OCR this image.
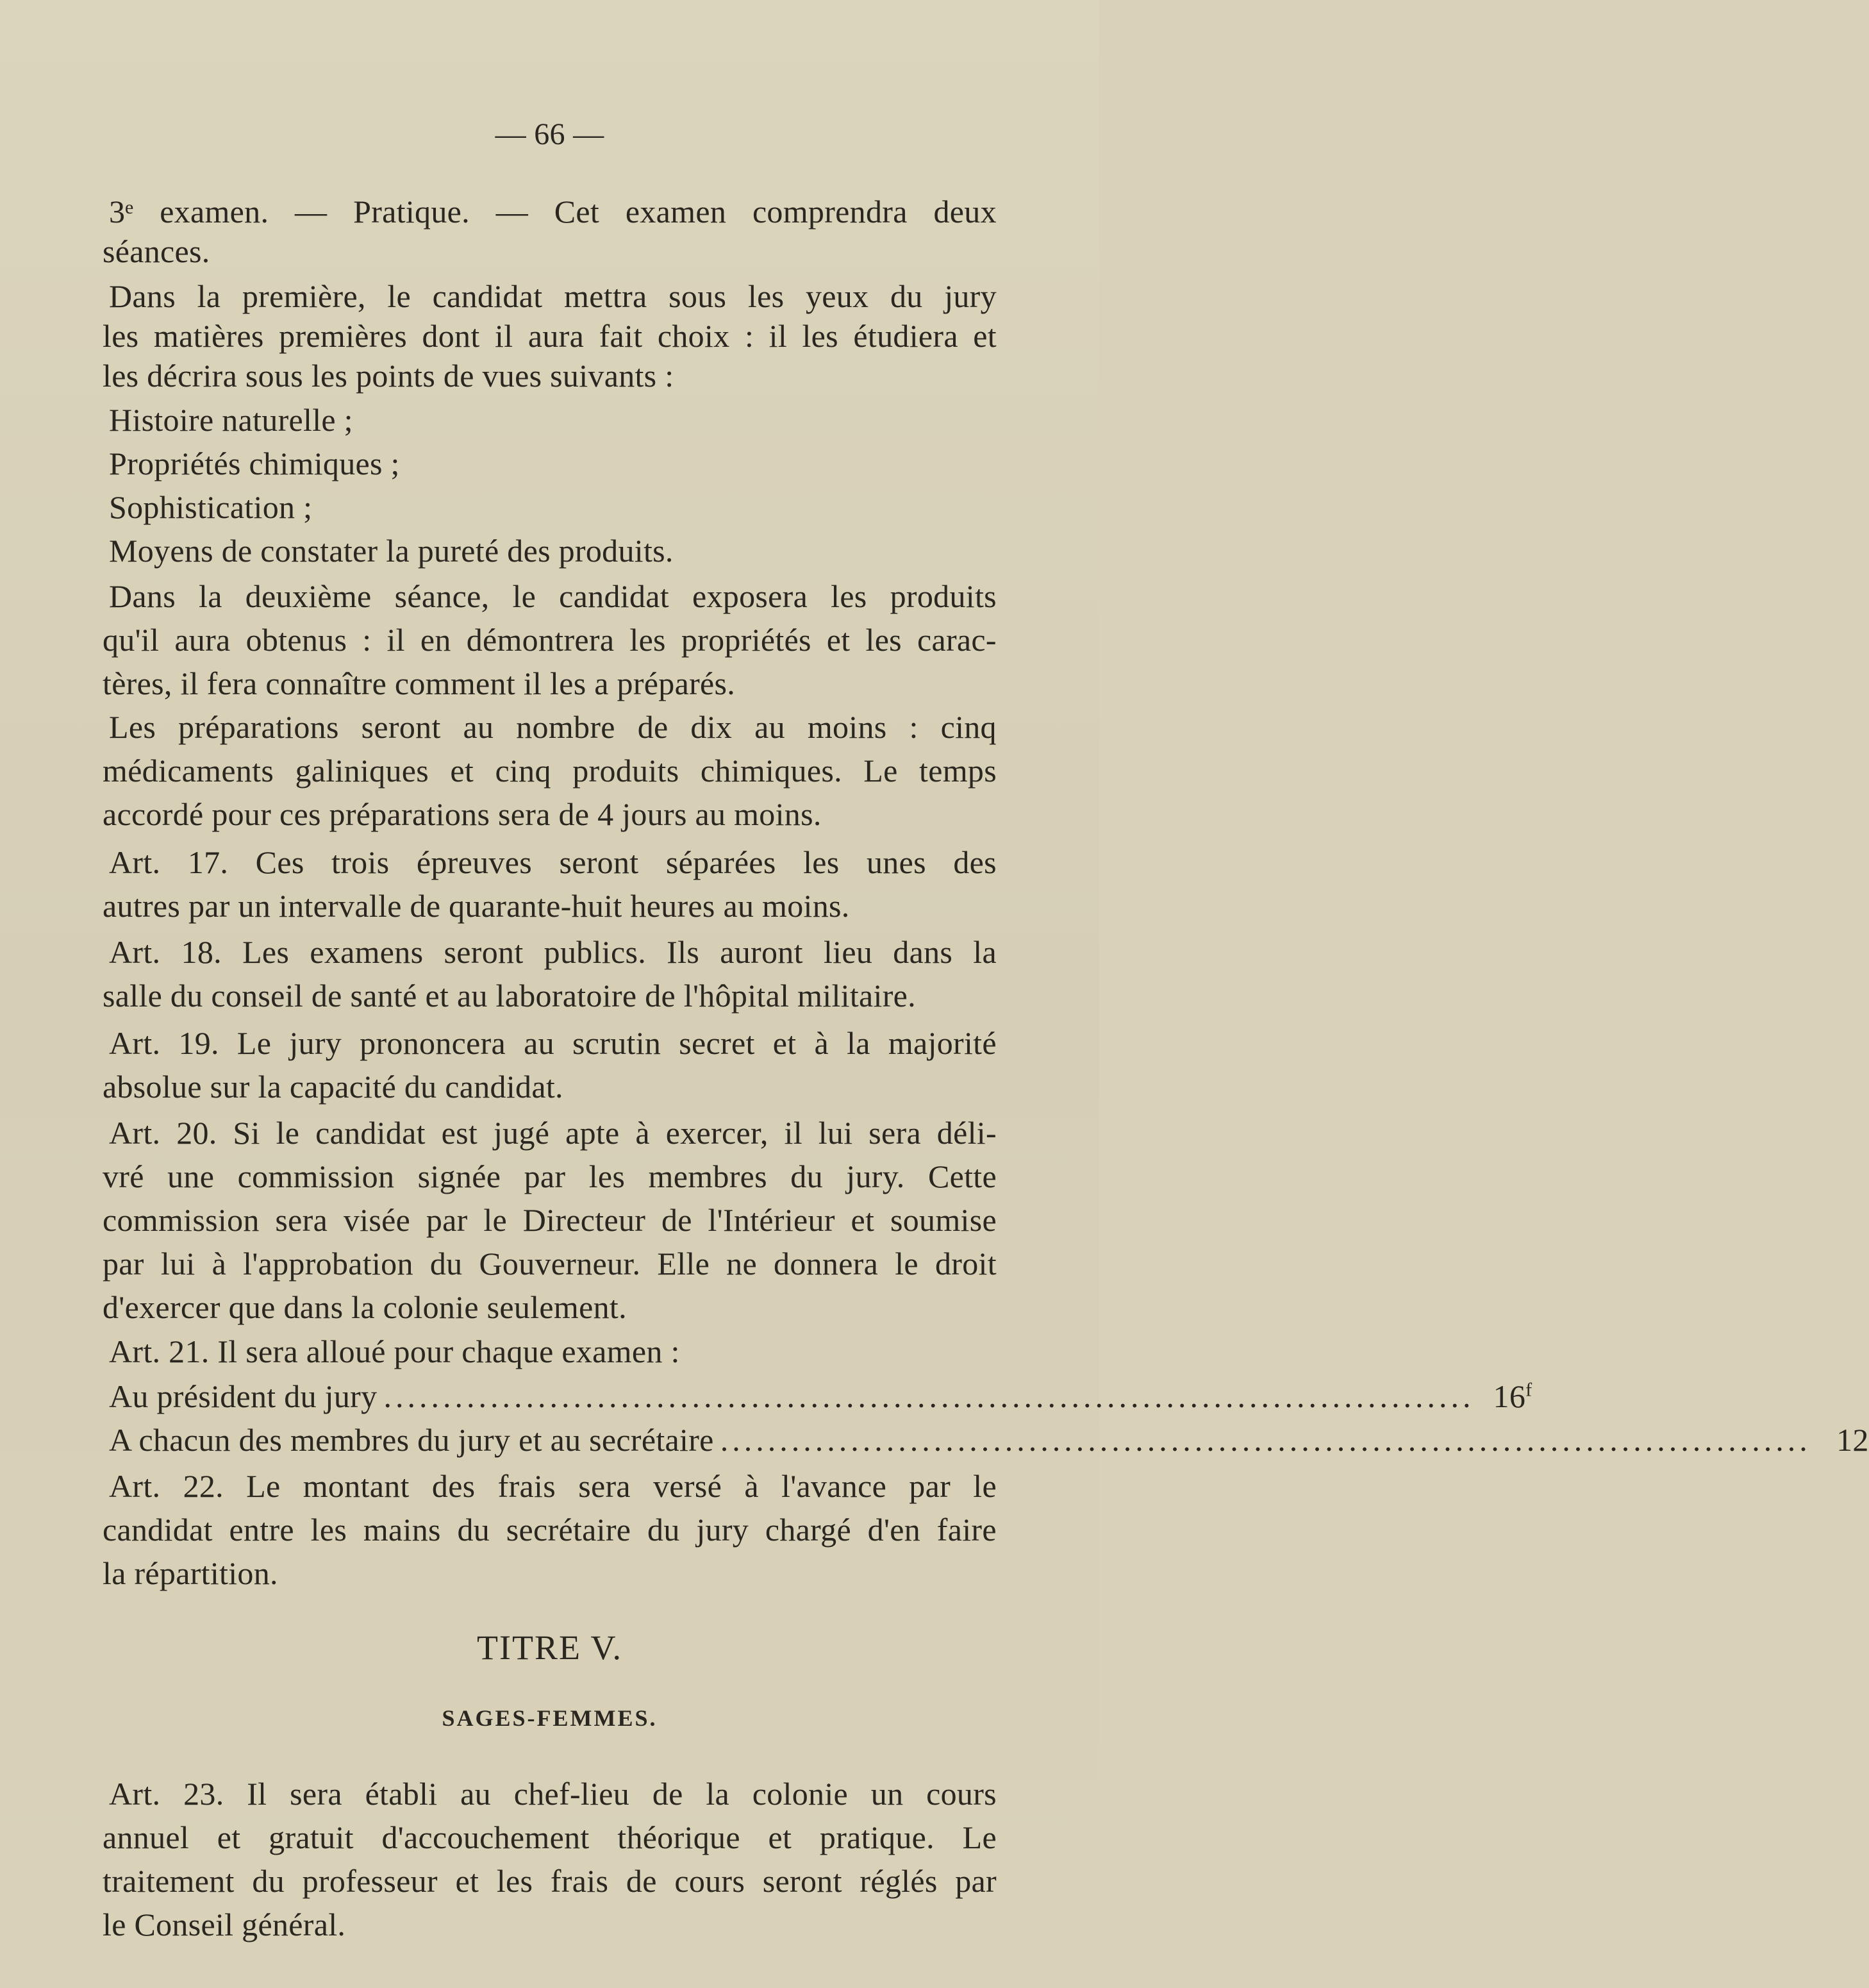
— 66 —
3ᵉ examen. — Pratique. — Cet examen comprendra deux
séances.
Dans la première, le candidat mettra sous les yeux du jury
les matières premières dont il aura fait choix : il les étudiera et
les décrira sous les points de vues suivants :
Histoire naturelle ;
Propriétés chimiques ;
Sophistication ;
Moyens de constater la pureté des produits.
Dans la deuxième séance, le candidat exposera les produits
qu'il aura obtenus : il en démontrera les propriétés et les carac-
tères, il fera connaître comment il les a préparés.
Les préparations seront au nombre de dix au moins : cinq
médicaments galiniques et cinq produits chimiques. Le temps
accordé pour ces préparations sera de 4 jours au moins.
Art. 17. Ces trois épreuves seront séparées les unes des
autres par un intervalle de quarante-huit heures au moins.
Art. 18. Les examens seront publics. Ils auront lieu dans la
salle du conseil de santé et au laboratoire de l'hôpital militaire.
Art. 19. Le jury prononcera au scrutin secret et à la majorité
absolue sur la capacité du candidat.
Art. 20. Si le candidat est jugé apte à exercer, il lui sera déli-
vré une commission signée par les membres du jury. Cette
commission sera visée par le Directeur de l'Intérieur et soumise
par lui à l'approbation du Gouverneur. Elle ne donnera le droit
d'exercer que dans la colonie seulement.
Art. 21. Il sera alloué pour chaque examen :
Au président du jury ............................................................................................ 16$^f$
A chacun des membres du jury et au secrétaire ............................................................................................ 12
Art. 22. Le montant des frais sera versé à l'avance par le
candidat entre les mains du secrétaire du jury chargé d'en faire
la répartition.
TITRE V.
SAGES-FEMMES.
Art. 23. Il sera établi au chef-lieu de la colonie un cours
annuel et gratuit d'accouchement théorique et pratique. Le
traitement du professeur et les frais de cours seront réglés par
le Conseil général.
